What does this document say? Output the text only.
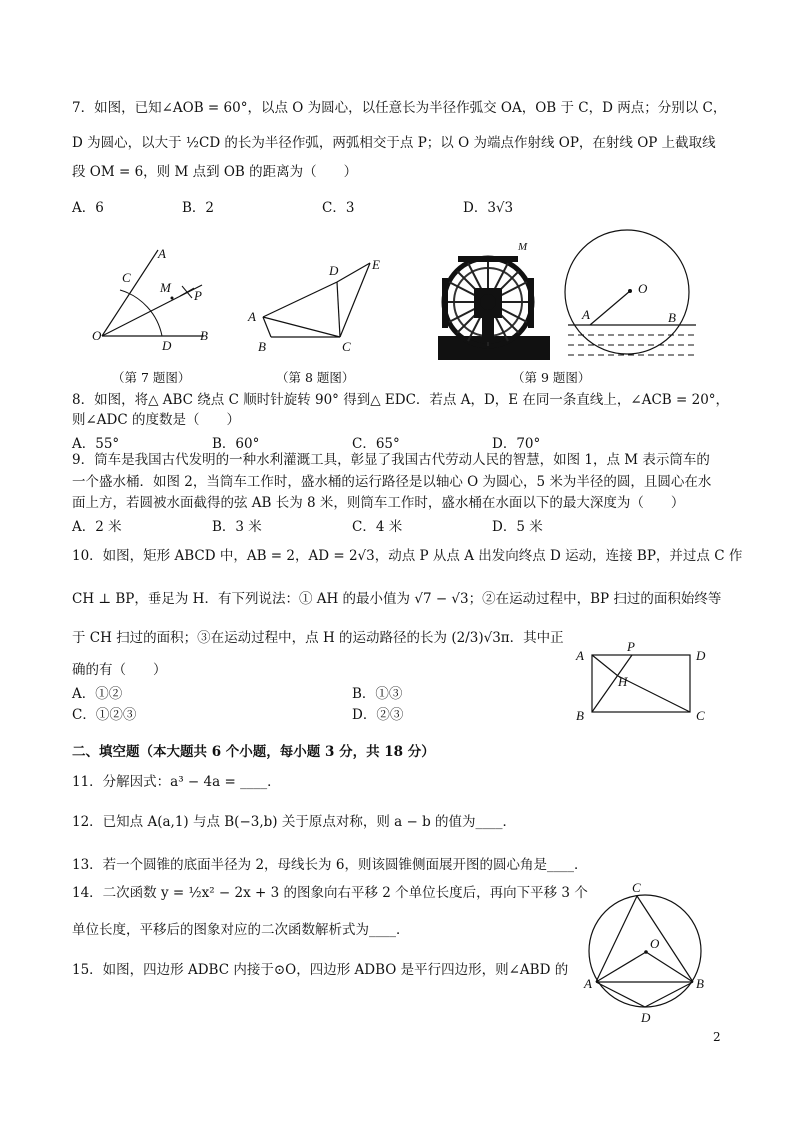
7．如图，已知∠AOB = 60°，以点 O 为圆心，以任意长为半径作弧交 OA，OB 于 C，D 两点；分别以 C，
D 为圆心，以大于 ½CD 的长为半径作弧，两弧相交于点 P；以 O 为端点作射线 OP，在射线 OP 上截取线
段 OM = 6，则 M 点到 OB 的距离为（　　）
A．6	B．2	C．3	D．3√3
A
C
M
P
O
D
B
（第 7 题图）
D	E
A
B	C
（第 8 题图）
M
O
A	B
（第 9 题图）
8．如图，将△ ABC 绕点 C 顺时针旋转 90° 得到△ EDC．若点 A，D，E 在同一条直线上，∠ACB = 20°，
则∠ADC 的度数是（　　）
A．55°	B．60°	C．65°	D．70°
9．筒车是我国古代发明的一种水利灌溉工具，彰显了我国古代劳动人民的智慧，如图 1，点 M 表示筒车的
一个盛水桶．如图 2，当筒车工作时，盛水桶的运行路径是以轴心 O 为圆心，5 米为半径的圆，且圆心在水
面上方，若圆被水面截得的弦 AB 长为 8 米，则筒车工作时，盛水桶在水面以下的最大深度为（　　）
A．2 米	B．3 米	C．4 米	D．5 米
10．如图，矩形 ABCD 中，AB = 2，AD = 2√3，动点 P 从点 A 出发向终点 D 运动，连接 BP，并过点 C 作
CH ⊥ BP，垂足为 H．有下列说法：① AH 的最小值为 √7 − √3；②在运动过程中，BP 扫过的面积始终等
于 CH 扫过的面积；③在运动过程中，点 H 的运动路径的长为 (2/3)√3π．其中正
确的有（　　）
A．①②	B．①③
C．①②③	D．②③
A
P
D
H
B	C
二、填空题（本大题共 6 个小题，每小题 3 分，共 18 分）
11．分解因式：a³ − 4a = ____．
12．已知点 A(a,1) 与点 B(−3,b) 关于原点对称，则 a − b 的值为____．
13．若一个圆锥的底面半径为 2，母线长为 6，则该圆锥侧面展开图的圆心角是____．
14．二次函数 y = ½x² − 2x + 3 的图象向右平移 2 个单位长度后，再向下平移 3 个
单位长度，平移后的图象对应的二次函数解析式为____．
15．如图，四边形 ADBC 内接于⊙O，四边形 ADBO 是平行四边形，则∠ABD 的
C
O
A	B
D
2
